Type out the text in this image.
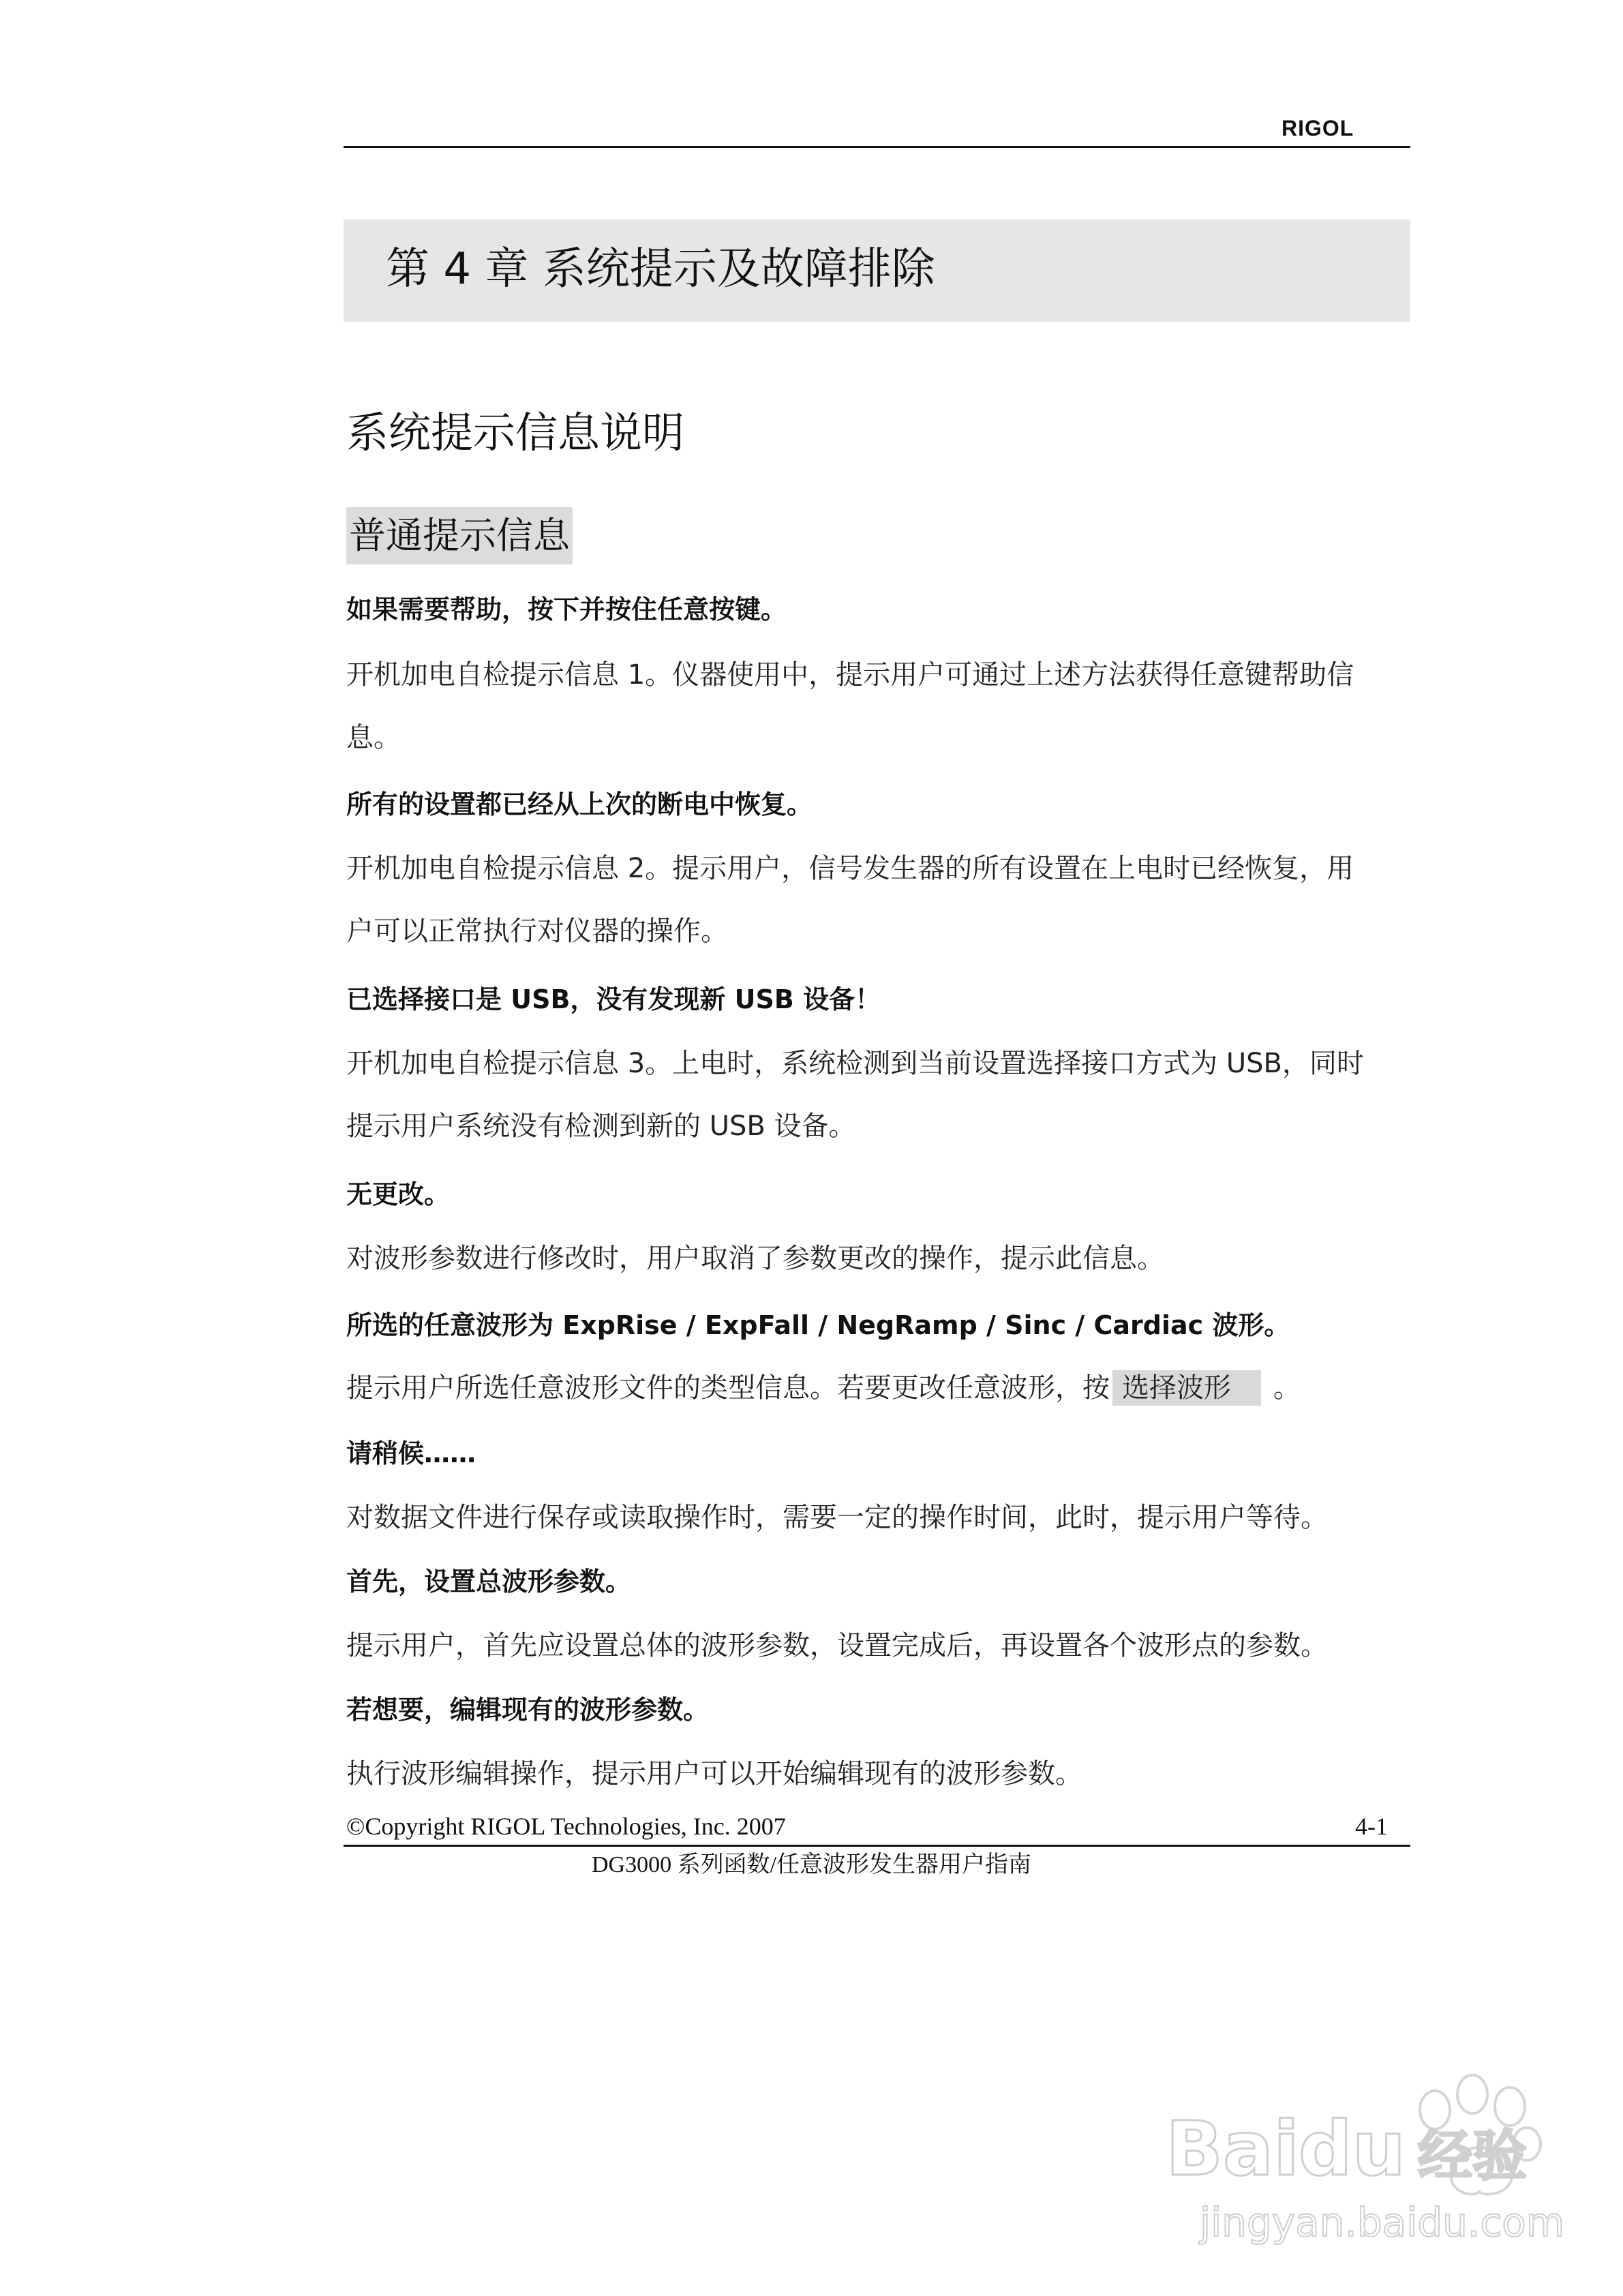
RIGOL
第 4 章 系统提示及故障排除
系统提示信息说明
普通提示信息
如果需要帮助，按下并按住任意按键。
开机加电自检提示信息 1。仪器使用中，提示用户可通过上述方法获得任意键帮助信
息。
所有的设置都已经从上次的断电中恢复。
开机加电自检提示信息 2。提示用户，信号发生器的所有设置在上电时已经恢复，用
户可以正常执行对仪器的操作。
已选择接口是 USB，没有发现新 USB 设备！
开机加电自检提示信息 3。上电时，系统检测到当前设置选择接口方式为 USB，同时
提示用户系统没有检测到新的 USB 设备。
无更改。
对波形参数进行修改时，用户取消了参数更改的操作，提示此信息。
所选的任意波形为 ExpRise / ExpFall / NegRamp / Sinc / Cardiac 波形。
提示用户所选任意波形文件的类型信息。若要更改任意波形，按 选择波形 。
请稍候……
对数据文件进行保存或读取操作时，需要一定的操作时间，此时，提示用户等待。
首先，设置总波形参数。
提示用户，首先应设置总体的波形参数，设置完成后，再设置各个波形点的参数。
若想要，编辑现有的波形参数。
执行波形编辑操作，提示用户可以开始编辑现有的波形参数。
©Copyright RIGOL Technologies, Inc. 2007	4-1
DG3000 系列函数/任意波形发生器用户指南
Bai du 经验
jingyan.baidu.com
